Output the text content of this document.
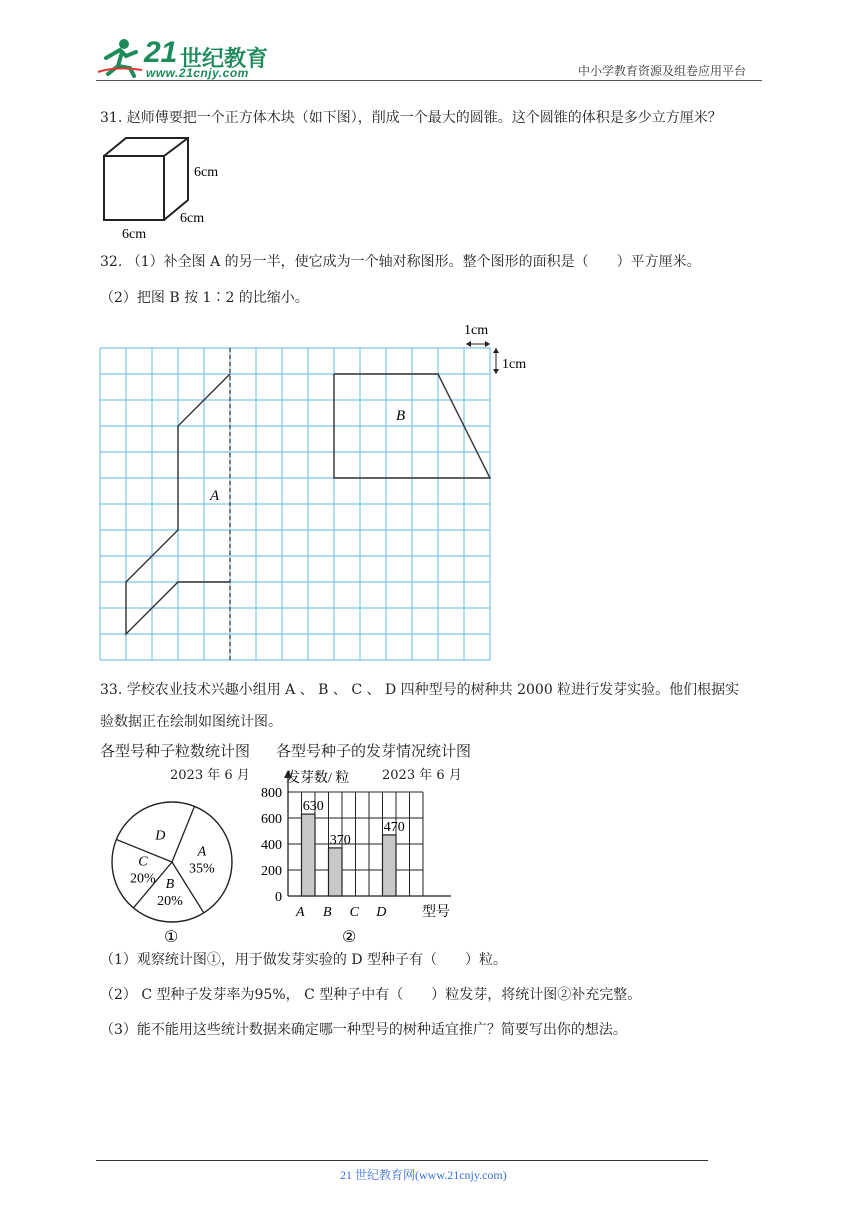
21 世纪教育
www.21cnjy.com	中小学教育资源及组卷应用平台
31. 赵师傅要把一个正方体木块（如下图），削成一个最大的圆锥。这个圆锥的体积是多少立方厘米？
6cm
6cm
6cm
32. （1）补全图 A 的另一半，使它成为一个轴对称图形。整个图形的面积是（　　）平方厘米。
（2）把图 B 按 1∶2 的比缩小。
A
B
1cm
1cm
33. 学校农业技术兴趣小组用 A 、 B 、 C 、 D 四种型号的树种共 2000 粒进行发芽实验。他们根据实
验数据正在绘制如图统计图。
各型号种子粒数统计图 各型号种子的发芽情况统计图
2023 年 6 月	2023 年 6 月
A
35%
B
20%
C
20%
D
①
0
200
400
600
800
630
A
370
B C
470
D
发芽数/ 粒
型号
②
（1）观察统计图①，用于做发芽实验的 D 型种子有（　　）粒。
（2） C 型种子发芽率为95%， C 型种子中有（　　）粒发芽，将统计图②补充完整。
（3）能不能用这些统计数据来确定哪一种型号的树种适宜推广？简要写出你的想法。
21 世纪教育网(www.21cnjy.com)
